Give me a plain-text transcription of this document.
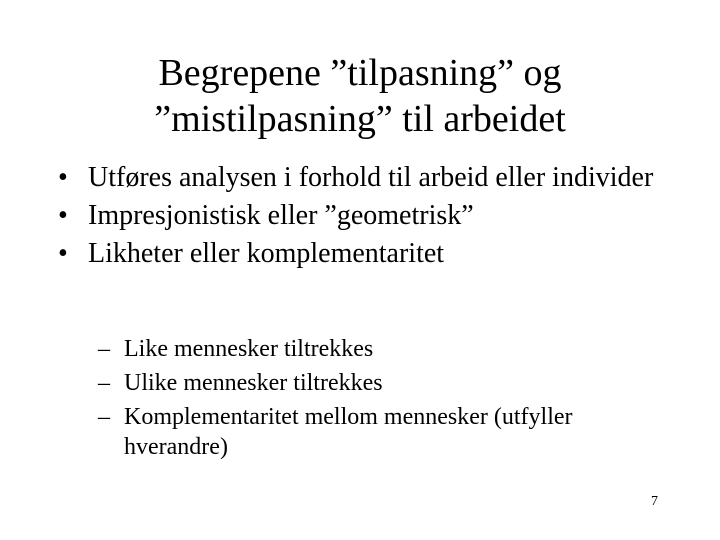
Begrepene ”tilpasning” og
”mistilpasning” til arbeidet
• Utføres analysen i forhold til arbeid eller individer
• Impresjonistisk eller ”geometrisk”
• Likheter eller komplementaritet
– Like mennesker tiltrekkes
– Ulike mennesker tiltrekkes
– Komplementaritet mellom mennesker (utfyller hverandre)
7
